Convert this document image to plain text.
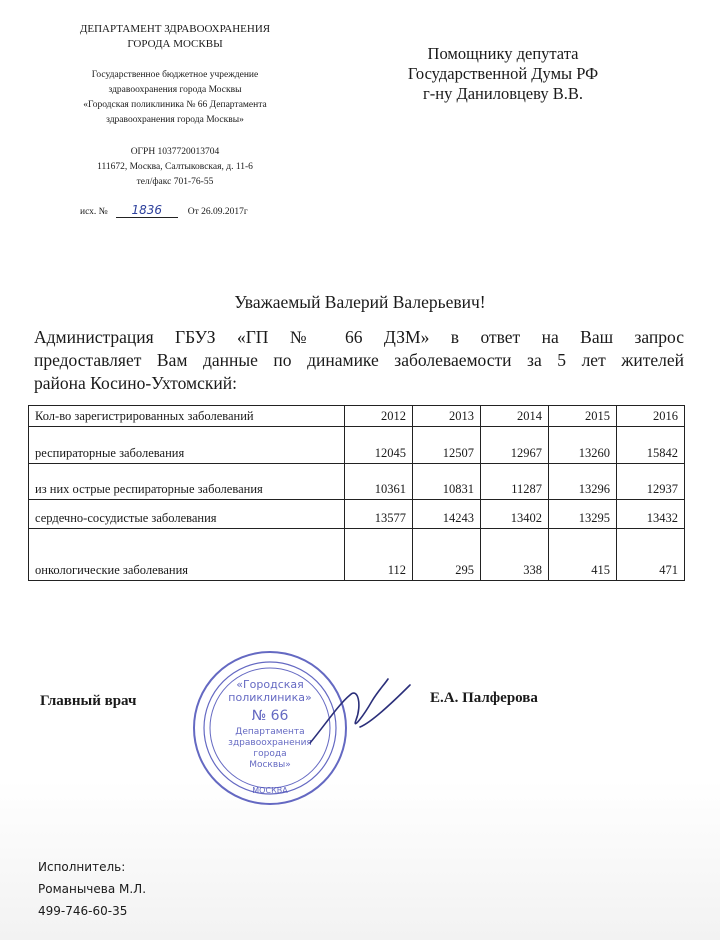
ДЕПАРТАМЕНТ ЗДРАВООХРАНЕНИЯ
ГОРОДА МОСКВЫ
Государственное бюджетное учреждение
здравоохранения города Москвы
«Городская поликлиника № 66 Департамента
здравоохранения города Москвы»
ОГРН 1037720013704
111672, Москва, Салтыковская, д. 11-6
тел/факс 701-76-55
исх. № 1836	От 26.09.2017г
Помощнику депутата
Государственной Думы РФ
г-ну Даниловцеву В.В.
Уважаемый Валерий Валерьевич!
Администрация ГБУЗ «ГП № 66 ДЗМ» в ответ на Ваш запрос
предоставляет Вам данные по динамике заболеваемости за 5 лет жителей
района Косино-Ухтомский:
Кол-во зарегистрированных заболеваний	2012	2013	2014	2015	2016
респираторные заболевания	12045	12507	12967	13260	15842
из них острые респираторные заболевания	10361	10831	11287	13296	12937
сердечно-сосудистые заболевания	13577	14243	13402	13295	13432
онкологические заболевания	112	295	338	415	471
Главный врач
«Городская
поликлиника»
№ 66
Департамента
здравоохранения
города
Москвы»
МОСКВА
Е.А. Палферова
Исполнитель:
Романычева М.Л.
499-746-60-35
